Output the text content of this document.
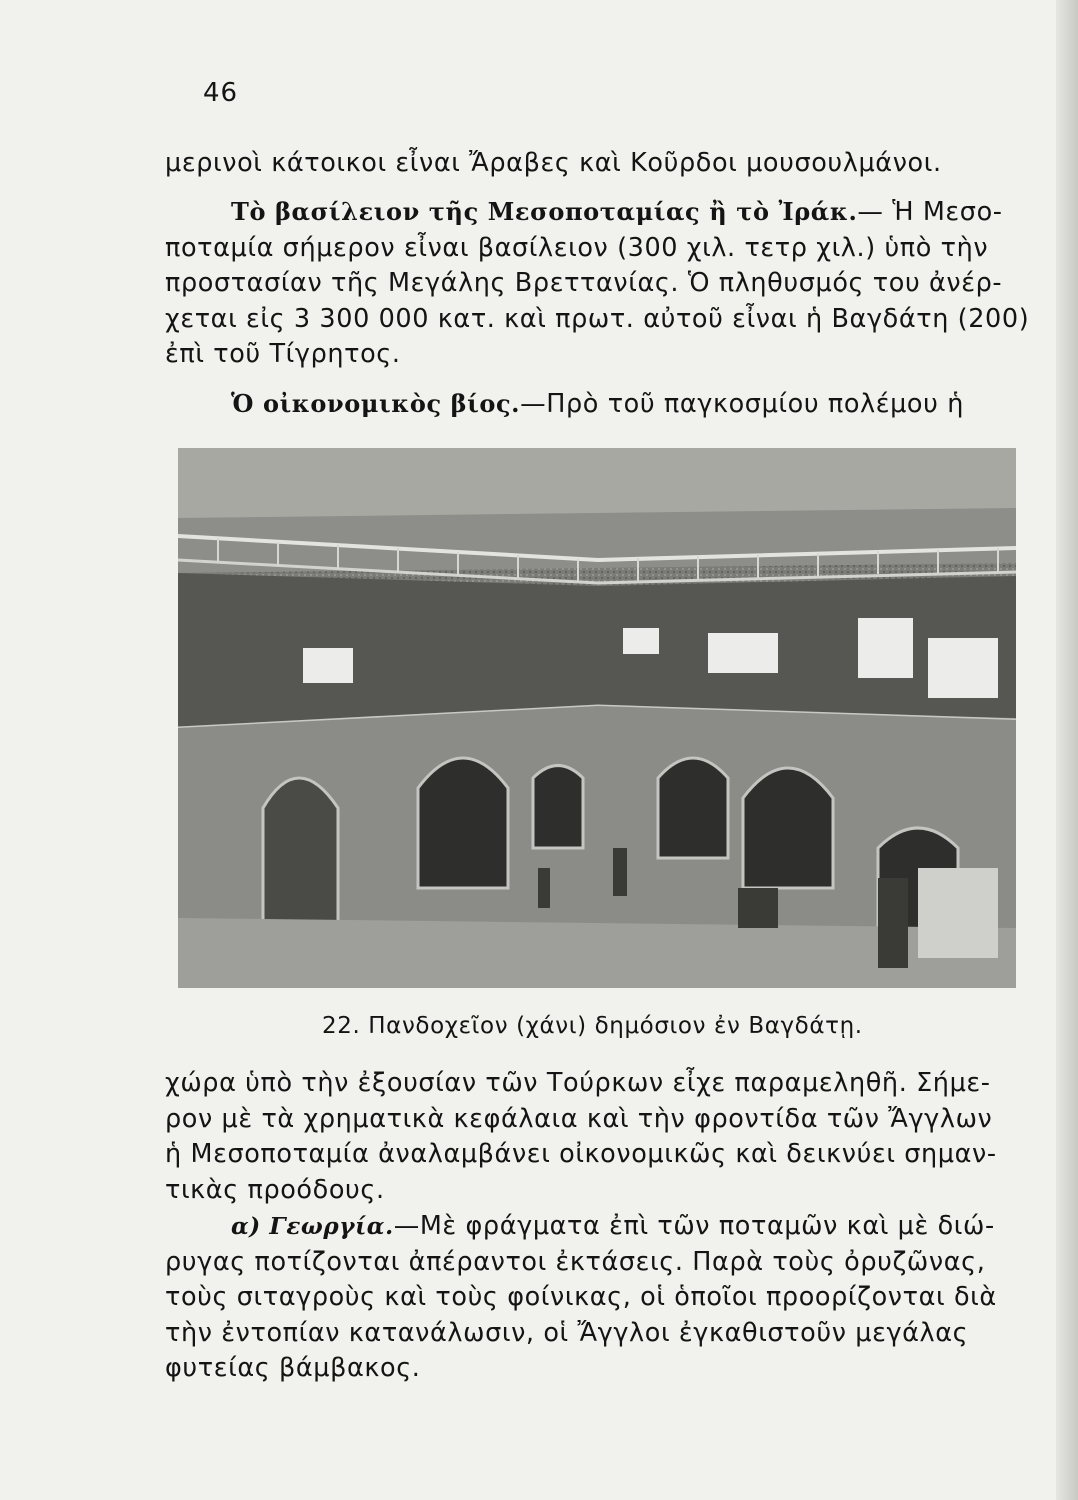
46
μερινοὶ κάτοικοι εἶναι Ἄραβες καὶ Κοῦρδοι μουσουλμάνοι.
Τὸ βασίλειον τῆς Μεσοποταμίας ἢ τὸ Ἰράκ.— Ἡ Μεσο-
ποταμία σήμερον εἶναι βασίλειον (300 χιλ. τετρ χιλ.) ὑπὸ τὴν
προστασίαν τῆς Μεγάλης Βρεττανίας. Ὁ πληθυσμός του ἀνέρ-
χεται εἰς 3 300 000 κατ. καὶ πρωτ. αὐτοῦ εἶναι ἡ Βαγδάτη (200)
ἐπὶ τοῦ Τίγρητος.
Ὁ οἰκονομικὸς βίος.—Πρὸ τοῦ παγκοσμίου πολέμου ἡ
22. Πανδοχεῖον (χάνι) δημόσιον ἐν Βαγδάτῃ.
χώρα ὑπὸ τὴν ἐξουσίαν τῶν Τούρκων εἶχε παραμεληθῆ. Σήμε-
ρον μὲ τὰ χρηματικὰ κεφάλαια καὶ τὴν φροντίδα τῶν Ἄγγλων
ἡ Μεσοποταμία ἀναλαμβάνει οἰκονομικῶς καὶ δεικνύει σημαν-
τικὰς προόδους.
α) Γεωργία.—Μὲ φράγματα ἐπὶ τῶν ποταμῶν καὶ μὲ διώ-
ρυγας ποτίζονται ἀπέραντοι ἐκτάσεις. Παρὰ τοὺς ὀρυζῶνας,
τοὺς σιταγροὺς καὶ τοὺς φοίνικας, οἱ ὁποῖοι προορίζονται διὰ
τὴν ἐντοπίαν κατανάλωσιν, οἱ Ἄγγλοι ἐγκαθιστοῦν μεγάλας
φυτείας βάμβακος.
